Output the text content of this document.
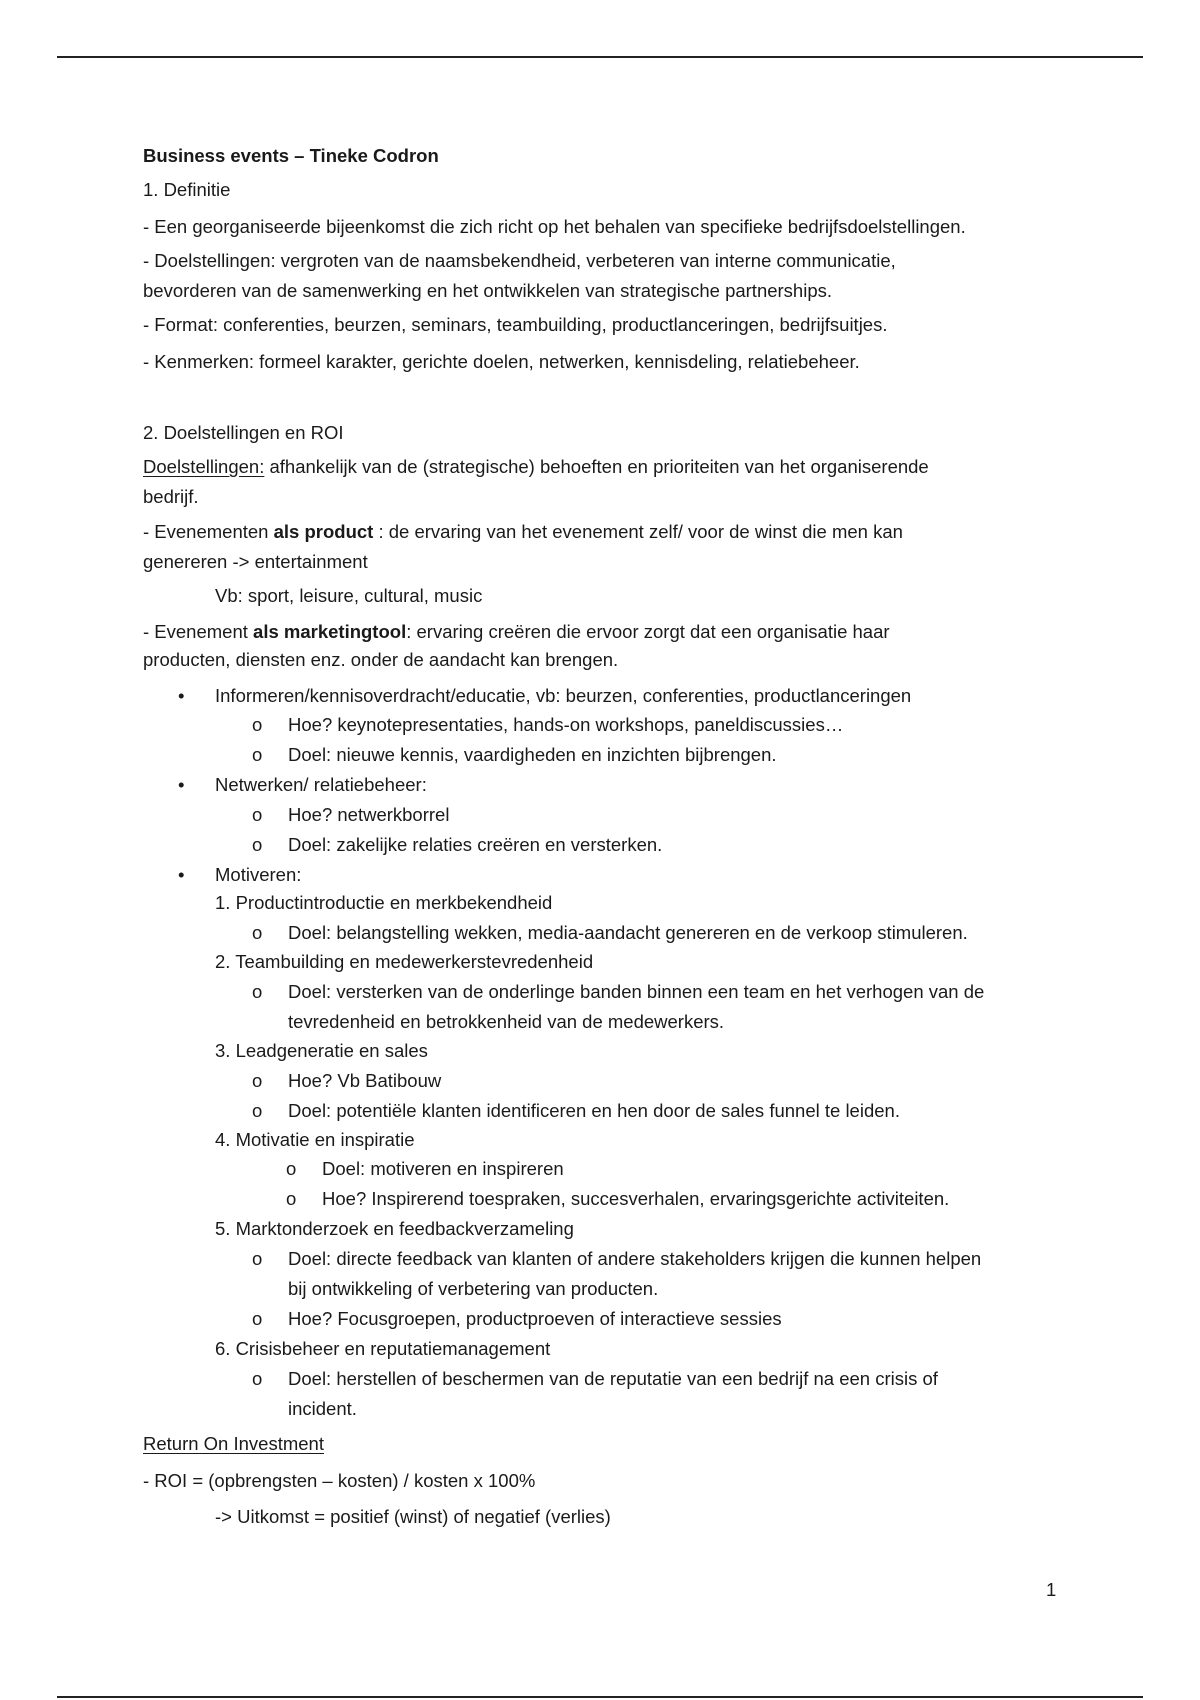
Business events – Tineke Codron
1. Definitie
- Een georganiseerde bijeenkomst die zich richt op het behalen van specifieke bedrijfsdoelstellingen.
- Doelstellingen: vergroten van de naamsbekendheid, verbeteren van interne communicatie,
bevorderen van de samenwerking en het ontwikkelen van strategische partnerships.
- Format: conferenties, beurzen, seminars, teambuilding, productlanceringen, bedrijfsuitjes.
- Kenmerken: formeel karakter, gerichte doelen, netwerken, kennisdeling, relatiebeheer.
2. Doelstellingen en ROI
Doelstellingen: afhankelijk van de (strategische) behoeften en prioriteiten van het organiserende
bedrijf.
- Evenementen als product : de ervaring van het evenement zelf/ voor de winst die men kan
genereren -> entertainment
Vb: sport, leisure, cultural, music
- Evenement als marketingtool: ervaring creëren die ervoor zorgt dat een organisatie haar
producten, diensten enz. onder de aandacht kan brengen.
• Informeren/kennisoverdracht/educatie, vb: beurzen, conferenties, productlanceringen
o Hoe? keynotepresentaties, hands-on workshops, paneldiscussies…
o Doel: nieuwe kennis, vaardigheden en inzichten bijbrengen.
• Netwerken/ relatiebeheer:
o Hoe? netwerkborrel
o Doel: zakelijke relaties creëren en versterken.
• Motiveren:
1. Productintroductie en merkbekendheid
o Doel: belangstelling wekken, media-aandacht genereren en de verkoop stimuleren.
2. Teambuilding en medewerkerstevredenheid
o Doel: versterken van de onderlinge banden binnen een team en het verhogen van de
tevredenheid en betrokkenheid van de medewerkers.
3. Leadgeneratie en sales
o Hoe? Vb Batibouw
o Doel: potentiële klanten identificeren en hen door de sales funnel te leiden.
4. Motivatie en inspiratie
o Doel: motiveren en inspireren
o Hoe? Inspirerend toespraken, succesverhalen, ervaringsgerichte activiteiten.
5. Marktonderzoek en feedbackverzameling
o Doel: directe feedback van klanten of andere stakeholders krijgen die kunnen helpen
bij ontwikkeling of verbetering van producten.
o Hoe? Focusgroepen, productproeven of interactieve sessies
6. Crisisbeheer en reputatiemanagement
o Doel: herstellen of beschermen van de reputatie van een bedrijf na een crisis of
incident.
Return On Investment
- ROI = (opbrengsten – kosten) / kosten x 100%
-> Uitkomst = positief (winst) of negatief (verlies)
1
